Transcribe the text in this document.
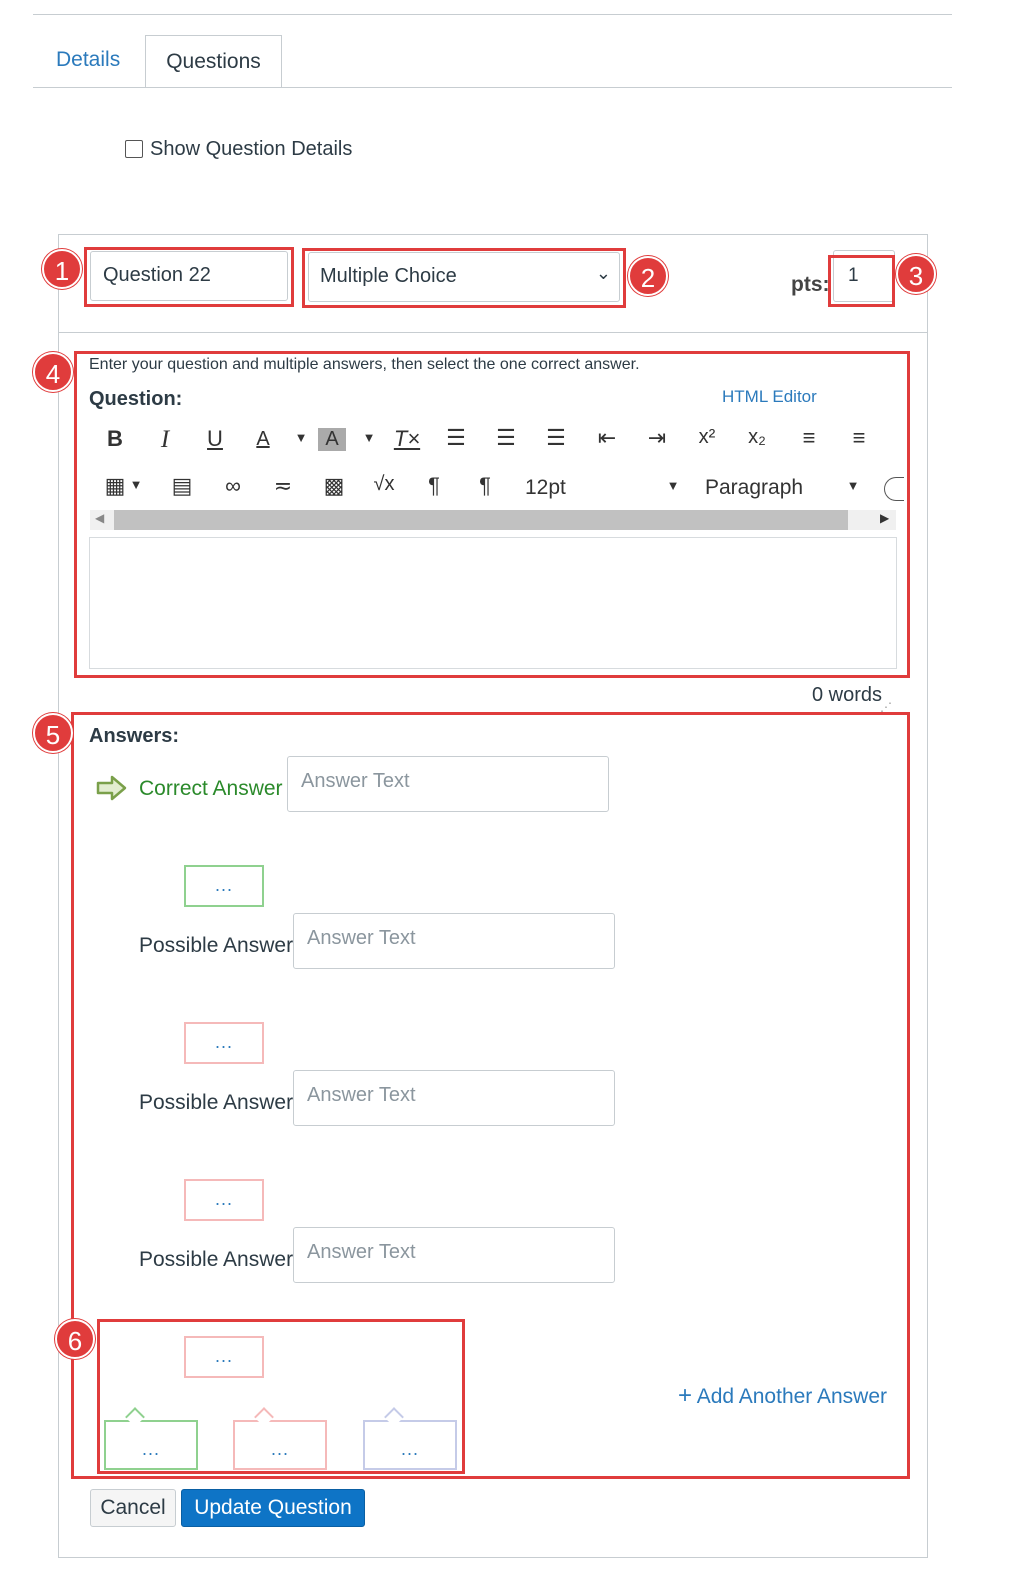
Details	Questions
Show Question Details
Question 22	Multiple Choice	⌄	pts: 1
Enter your question and multiple answers, then select the one correct answer.
Question:	HTML Editor
B	I	U	A	▼ A	▼ T×	☰	☰	☰	⇤	⇥	x²	x₂	≡	≡
▦ ▼	▤	∞	≂	▩	√x	¶	¶	12pt	▼	Paragraph	▼
◀	▶
0 words
⋰
Answers:
Correct Answer Answer Text
...
Possible Answer Answer Text
...
Possible Answer Answer Text
...
Possible Answer Answer Text
...
...	...	...
+ Add Another Answer
Cancel	Update Question
1	2	3
4
5
6
